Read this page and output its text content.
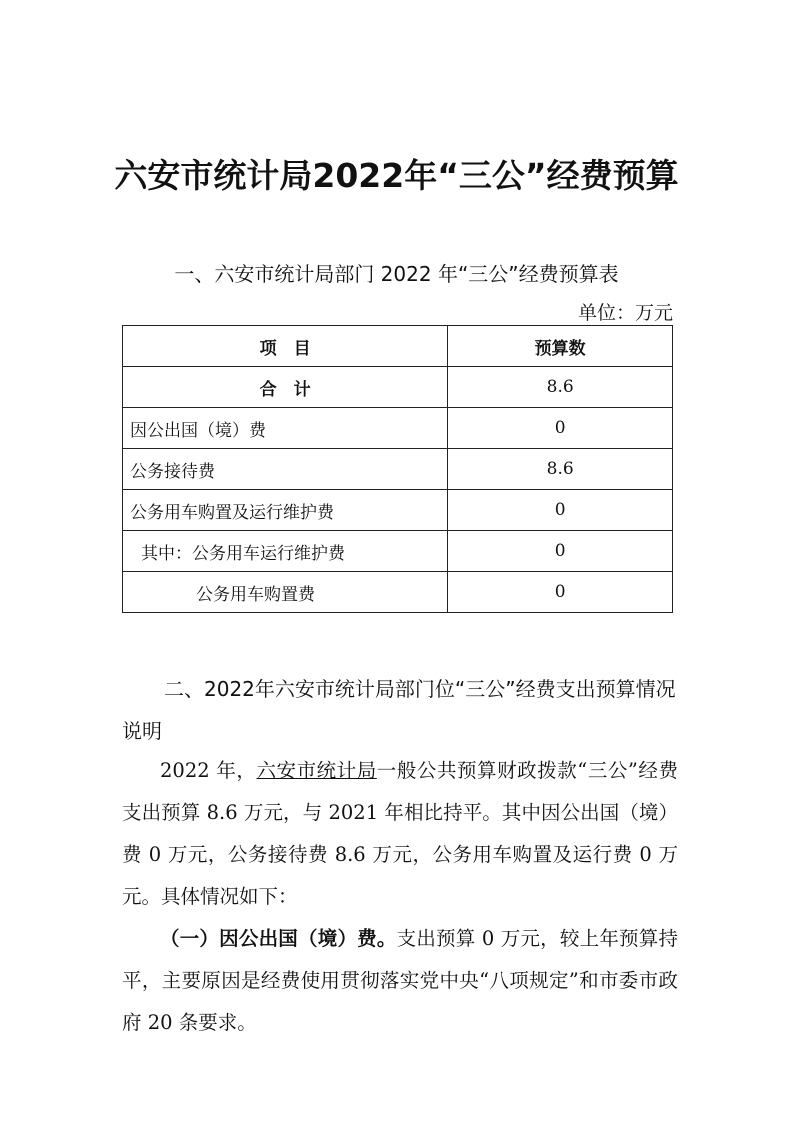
六安市统计局2022年“三公”经费预算
一、六安市统计局部门 2022 年“三公”经费预算表
单位：万元
项　目	预算数
合　计	8.6
因公出国（境）费	0
公务接待费	8.6
公务用车购置及运行维护费	0
其中：公务用车运行维护费	0
公务用车购置费	0
二、2022年六安市统计局部门位“三公”经费支出预算情况说明
2022 年，六安市统计局一般公共预算财政拨款“三公”经费支出预算 8.6 万元，与 2021 年相比持平。其中因公出国（境）费 0 万元，公务接待费 8.6 万元，公务用车购置及运行费 0 万元。具体情况如下：
（一）因公出国（境）费。支出预算 0 万元，较上年预算持平，主要原因是经费使用贯彻落实党中央“八项规定”和市委市政府 20 条要求。
